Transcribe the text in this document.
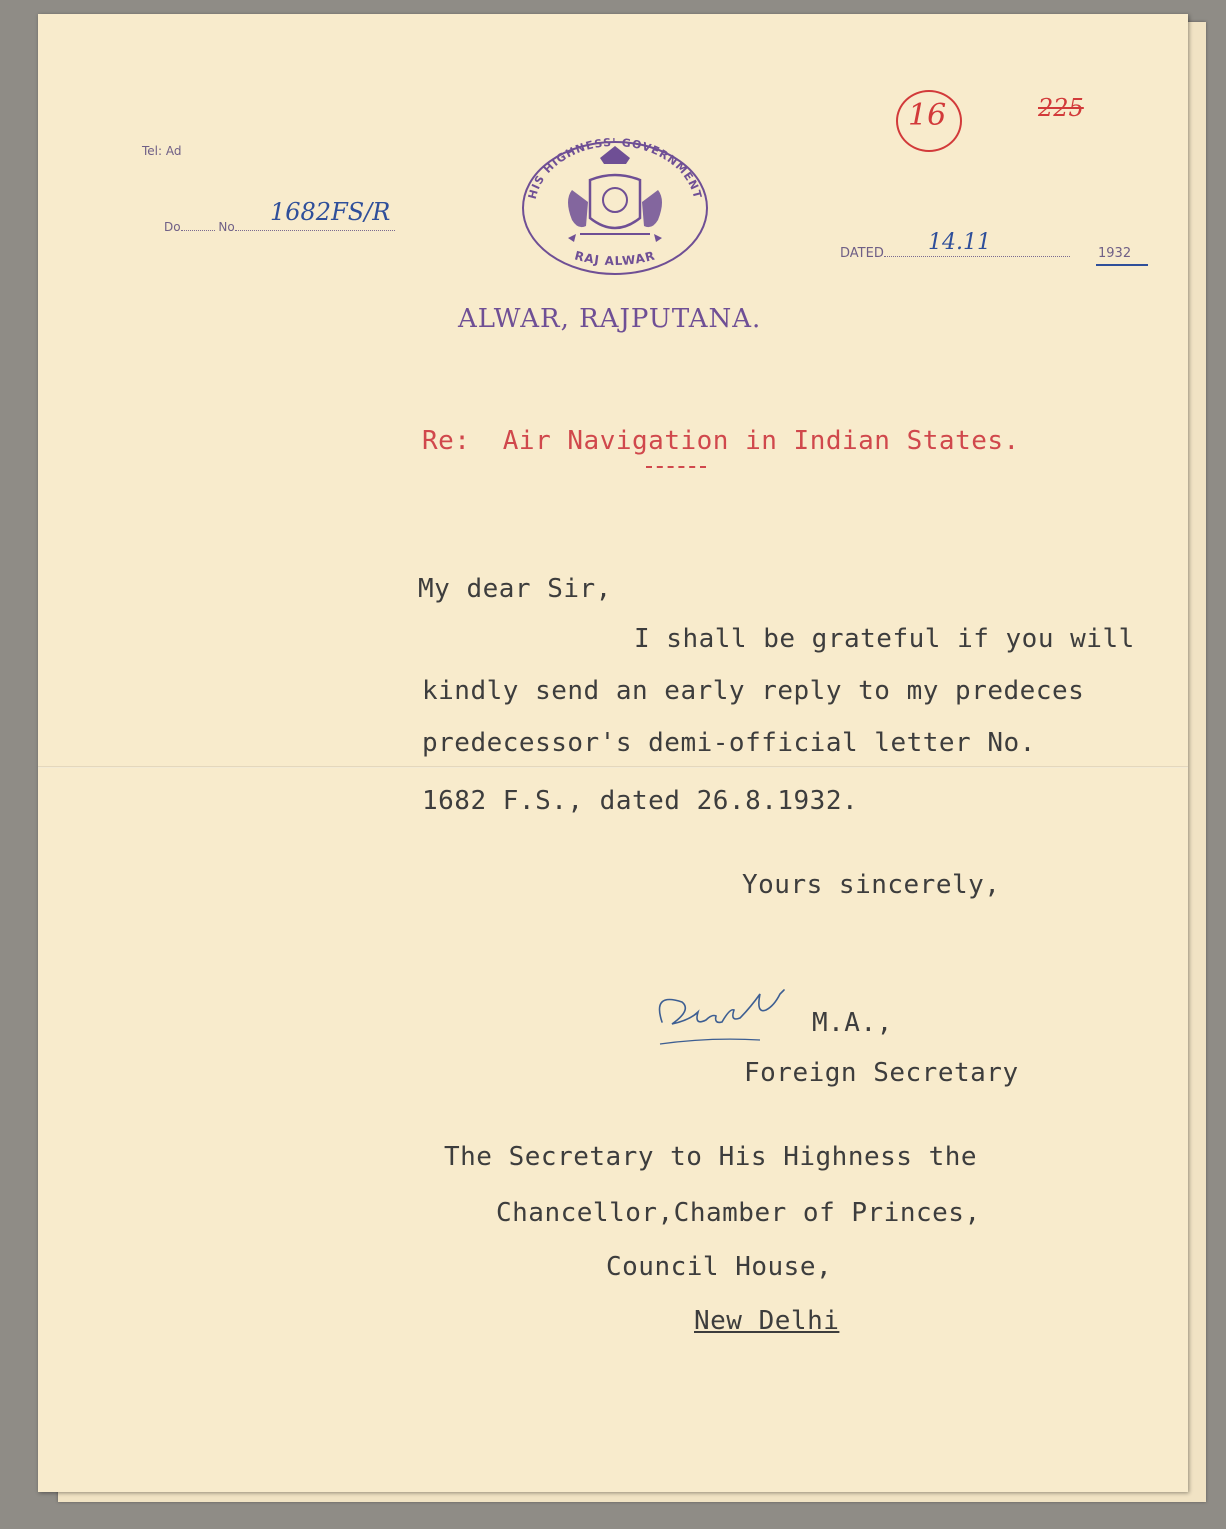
Tel: Ad
Do	No
1682FS/R
HIS HIGHNESS' GOVERNMENT
RAJ ALWAR	DATED	14.11	1932
ALWAR, RAJPUTANA.
16	225
Re: Air Navigation in Indian States.
My dear Sir,
I shall be grateful if you will
kindly send an early reply to my predeces
predecessor's demi-official letter No.
1682 F.S., dated 26.8.1932.
Yours sincerely,
M.A.,
Foreign Secretary
The Secretary to His Highness the
Chancellor,Chamber of Princes,
Council House,
New Delhi
